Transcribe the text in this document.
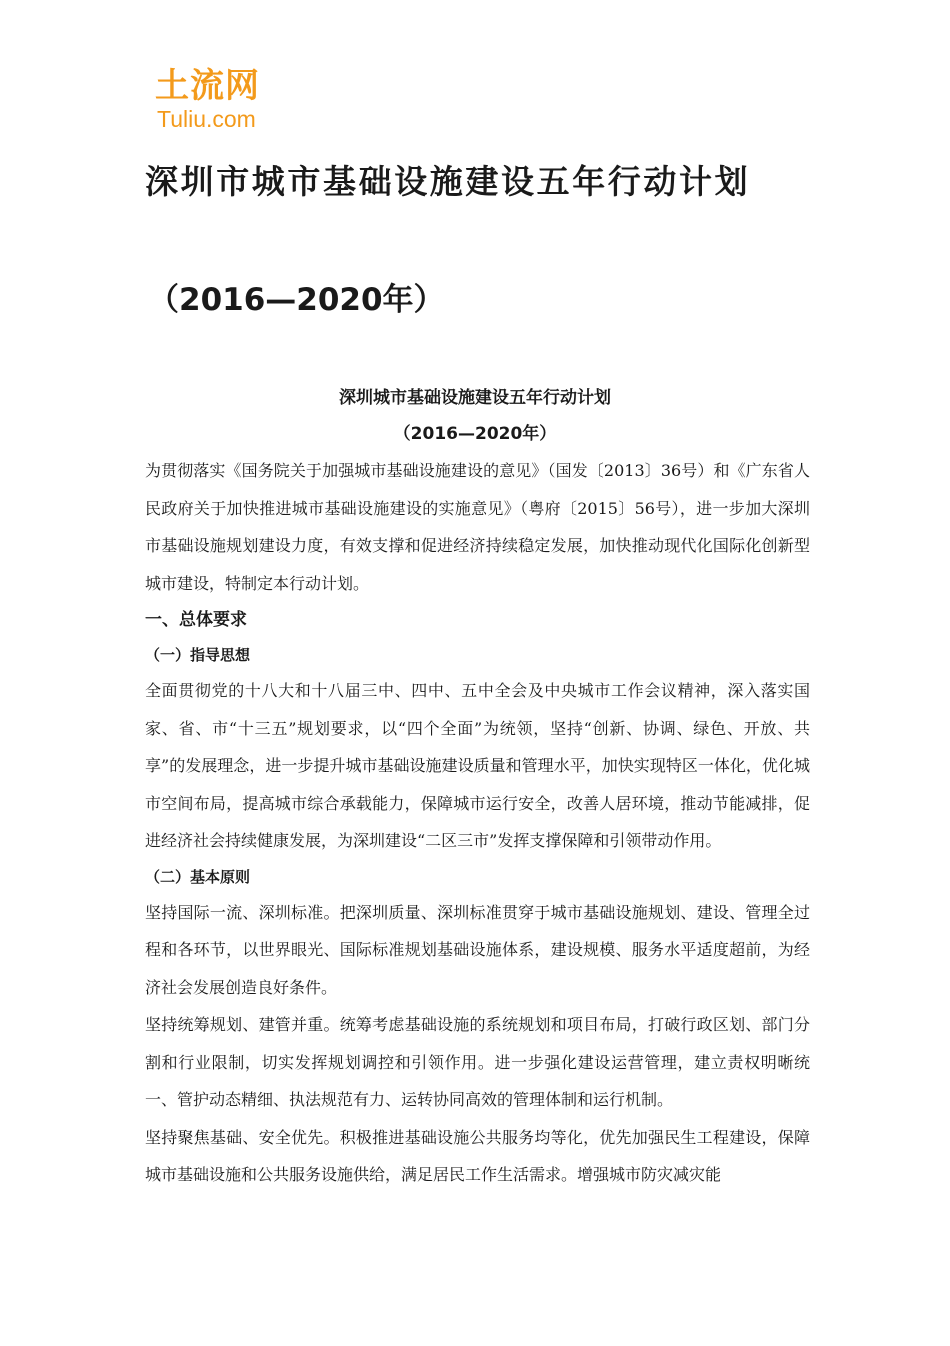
土流网
Tuliu.com
深圳市城市基础设施建设五年行动计划
（2016—2020年）
深圳城市基础设施建设五年行动计划
（2016—2020年）

为贯彻落实《国务院关于加强城市基础设施建设的意见》（国发〔2013〕36号）和《广东省人民政府关于加快推进城市基础设施建设的实施意见》（粤府〔2015〕56号），进一步加大深圳市基础设施规划建设力度，有效支撑和促进经济持续稳定发展，加快推动现代化国际化创新型城市建设，特制定本行动计划。

一、总体要求

（一）指导思想

全面贯彻党的十八大和十八届三中、四中、五中全会及中央城市工作会议精神，深入落实国家、省、市“十三五”规划要求，以“四个全面”为统领，坚持“创新、协调、绿色、开放、共享”的发展理念，进一步提升城市基础设施建设质量和管理水平，加快实现特区一体化，优化城市空间布局，提高城市综合承载能力，保障城市运行安全，改善人居环境，推动节能减排，促进经济社会持续健康发展，为深圳建设“二区三市”发挥支撑保障和引领带动作用。

（二）基本原则

坚持国际一流、深圳标准。把深圳质量、深圳标准贯穿于城市基础设施规划、建设、管理全过程和各环节，以世界眼光、国际标准规划基础设施体系，建设规模、服务水平适度超前，为经济社会发展创造良好条件。

坚持统筹规划、建管并重。统筹考虑基础设施的系统规划和项目布局，打破行政区划、部门分割和行业限制，切实发挥规划调控和引领作用。进一步强化建设运营管理，建立责权明晰统一、管护动态精细、执法规范有力、运转协同高效的管理体制和运行机制。

坚持聚焦基础、安全优先。积极推进基础设施公共服务均等化，优先加强民生工程建设，保障城市基础设施和公共服务设施供给，满足居民工作生活需求。增强城市防灾减灾能
